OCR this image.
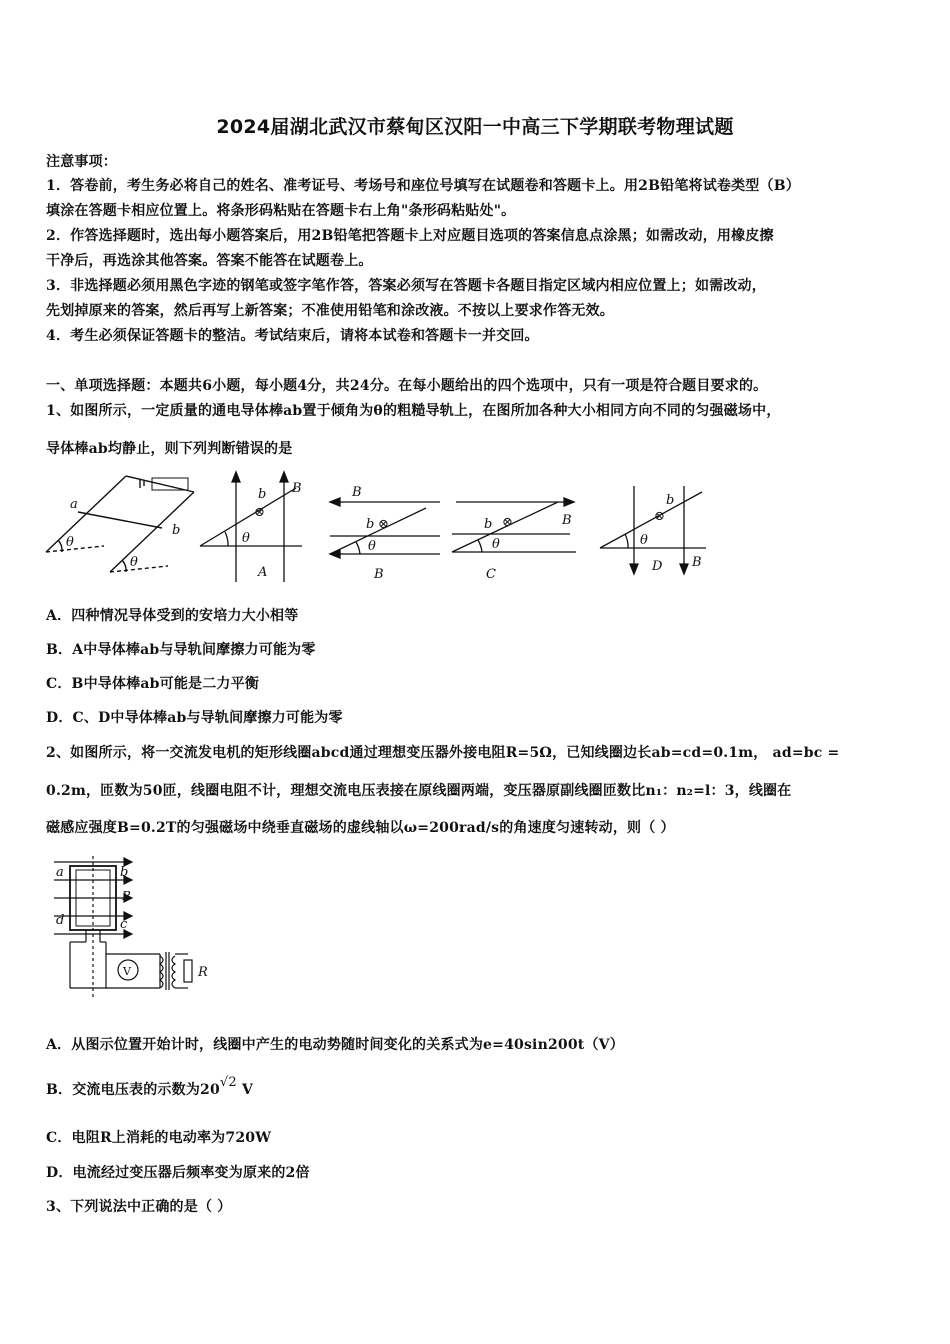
2024届湖北武汉市蔡甸区汉阳一中高三下学期联考物理试题
注意事项：
1．答卷前，考生务必将自己的姓名、准考证号、考场号和座位号填写在试题卷和答题卡上。用2B铅笔将试卷类型（B）
填涂在答题卡相应位置上。将条形码粘贴在答题卡右上角"条形码粘贴处"。
2．作答选择题时，选出每小题答案后，用2B铅笔把答题卡上对应题目选项的答案信息点涂黑；如需改动，用橡皮擦
干净后，再选涂其他答案。答案不能答在试题卷上。
3．非选择题必须用黑色字迹的钢笔或签字笔作答，答案必须写在答题卡各题目指定区域内相应位置上；如需改动，
先划掉原来的答案，然后再写上新答案；不准使用铅笔和涂改液。不按以上要求作答无效。
4．考生必须保证答题卡的整洁。考试结束后，请将本试卷和答题卡一并交回。
一、单项选择题：本题共6小题，每小题4分，共24分。在每小题给出的四个选项中，只有一项是符合题目要求的。
1、如图所示，一定质量的通电导体棒ab置于倾角为θ的粗糙导轨上，在图所加各种大小相同方向不同的匀强磁场中，
导体棒ab均静止，则下列判断错误的是
a
b
θ
θ
b
⊗
B
θ
A
B
b ⊗
θ
B
b ⊗	B
θ
C
b
⊗
θ
D B
A．四种情况导体受到的安培力大小相等
B．A中导体棒ab与导轨间摩擦力可能为零
C．B中导体棒ab可能是二力平衡
D．C、D中导体棒ab与导轨间摩擦力可能为零
2、如图所示，将一交流发电机的矩形线圈abcd通过理想变压器外接电阻R=5Ω，已知线圈边长ab=cd=0.1m， ad=bc =
0.2m，匝数为50匝，线圈电阻不计，理想交流电压表接在原线圈两端，变压器原副线圈匝数比n₁：n₂=l：3，线圈在
磁感应强度B=0.2T的匀强磁场中绕垂直磁场的虚线轴以ω=200rad/s的角速度匀速转动，则（ ）
a	b
d	c
B
V	R
A．从图示位置开始计时，线圈中产生的电动势随时间变化的关系式为e=40sin200t（V）
B．交流电压表的示数为20√2 V
C．电阻R上消耗的电动率为720W
D．电流经过变压器后频率变为原来的2倍
3、下列说法中正确的是（ ）
